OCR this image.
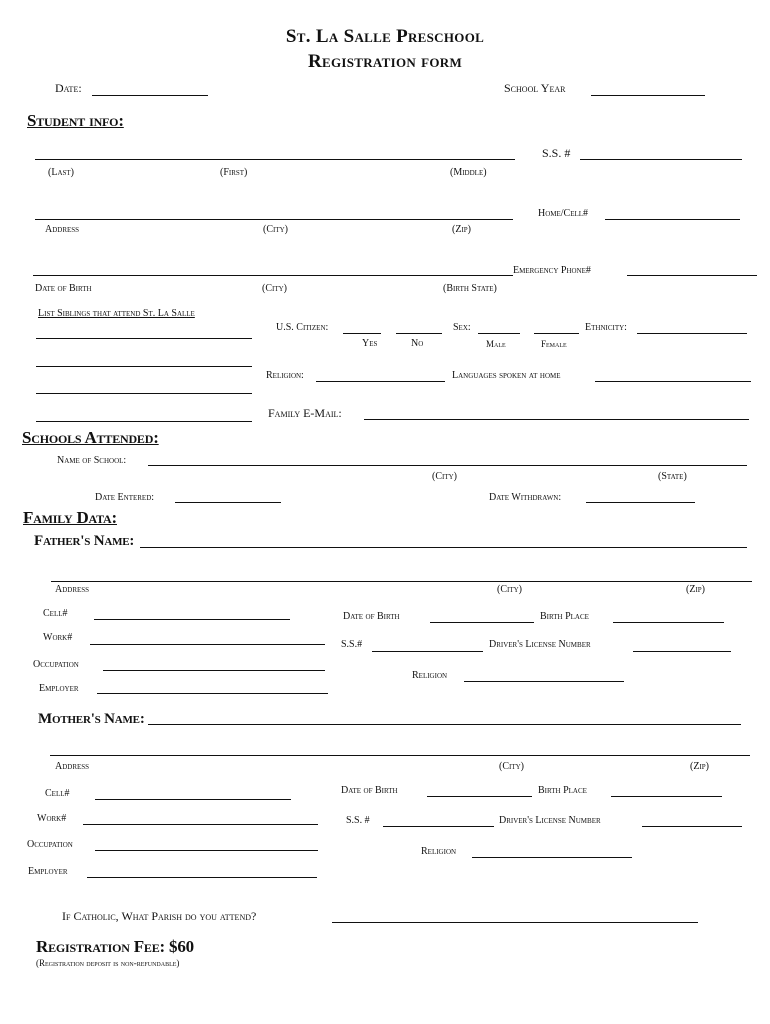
St. La Salle Preschool
Registration form
Date:	School Year
Student info:
S.S. #
(Last)	(First)	(Middle)
Home/Cell#
Address	(City)	(Zip)
Emergency Phone#
Date of Birth	(City)	(Birth State)
List Siblings that attend St. La Salle
U.S. Citizen:
Yes	No
Sex:
Male	Female
Ethnicity:
Religion:	Languages spoken at home
Family E-Mail:
Schools Attended:
Name of School:
(City)	(State)
Date Entered:	Date Withdrawn:
Family Data:
Father's Name:
Address	(City)	(Zip)
Cell#
Work#
Occupation
Employer
Date of Birth	Birth Place
S.S.#	Driver's License Number
Religion
Mother's Name:
Address	(City)	(Zip)
Cell#
Work#
Occupation
Employer
Date of Birth	Birth Place
S.S. #	Driver's License Number
Religion
If Catholic, What Parish do you attend?
Registration Fee: $60
(Registration deposit is non-refundable)
